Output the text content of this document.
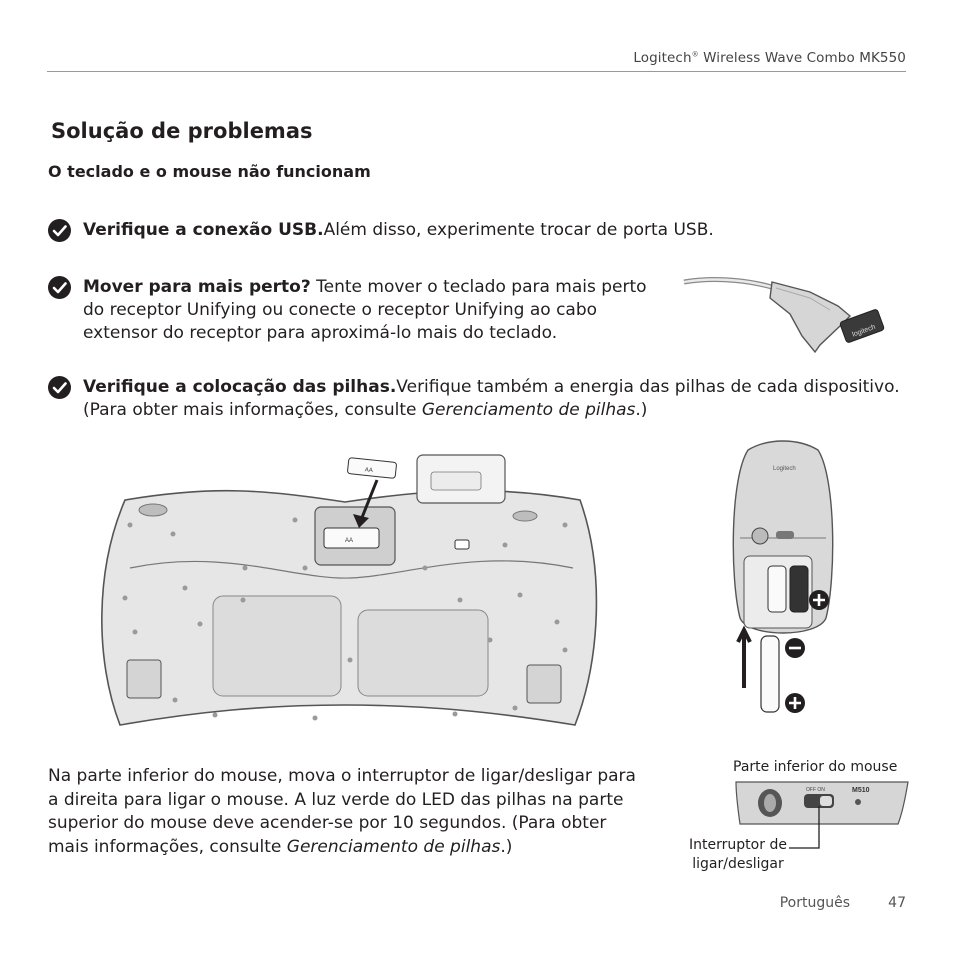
Logitech® Wireless Wave Combo MK550
Solução de problemas
O teclado e o mouse não funcionam
Verifique a conexão USB.Além disso, experimente trocar de porta USB.
Mover para mais perto? Tente mover o teclado para mais perto
do receptor Unifying ou conecte o receptor Unifying ao cabo
extensor do receptor para aproximá-lo mais do teclado.	logitech
Verifique a colocação das pilhas.Verifique também a energia das pilhas de cada dispositivo.
(Para obter mais informações, consulte Gerenciamento de pilhas.)
AA
AA	Logitech
Na parte inferior do mouse, mova o interruptor de ligar/desligar para
a direita para ligar o mouse. A luz verde do LED das pilhas na parte
superior do mouse deve acender-se por 10 segundos. (Para obter
mais informações, consulte Gerenciamento de pilhas.)
Parte inferior do mouse
OFF ON	M510
Interruptor de
ligar/desligar
Português	47
